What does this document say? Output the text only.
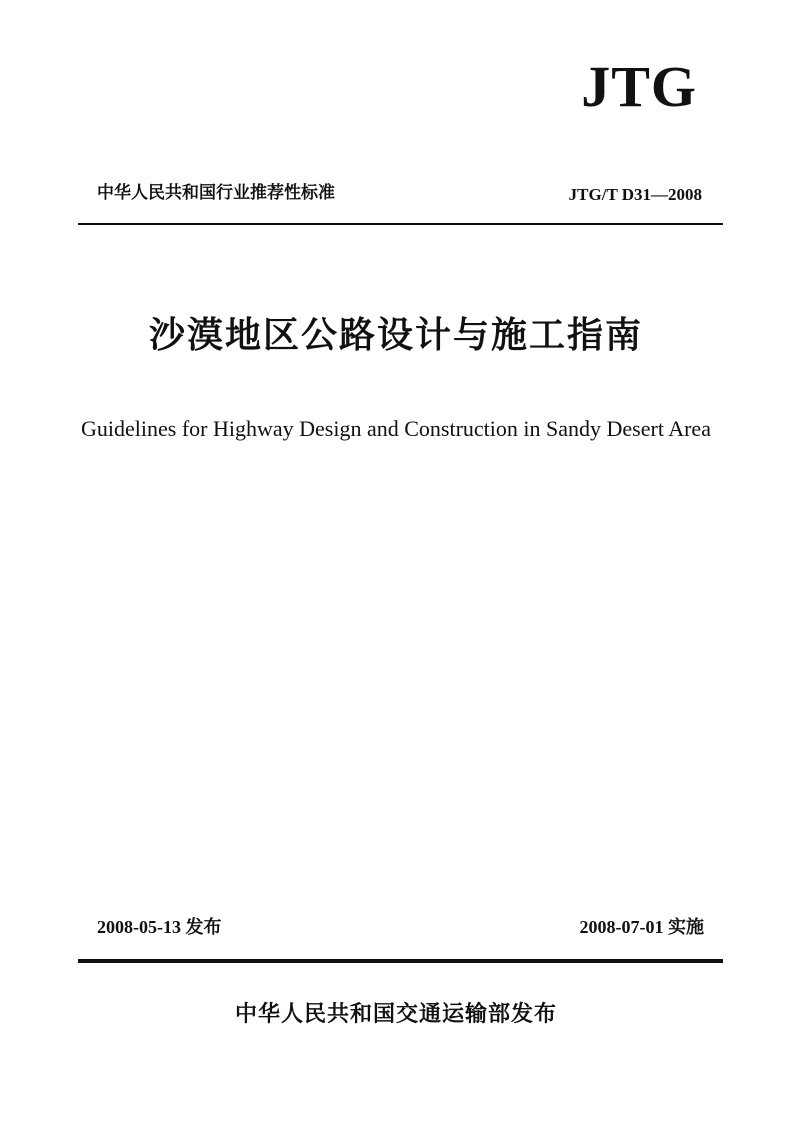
JTG
中华人民共和国行业推荐性标准	JTG/T D31—2008
沙漠地区公路设计与施工指南
Guidelines for Highway Design and Construction in Sandy Desert Area
2008-05-13 发布	2008-07-01 实施
中华人民共和国交通运输部发布
